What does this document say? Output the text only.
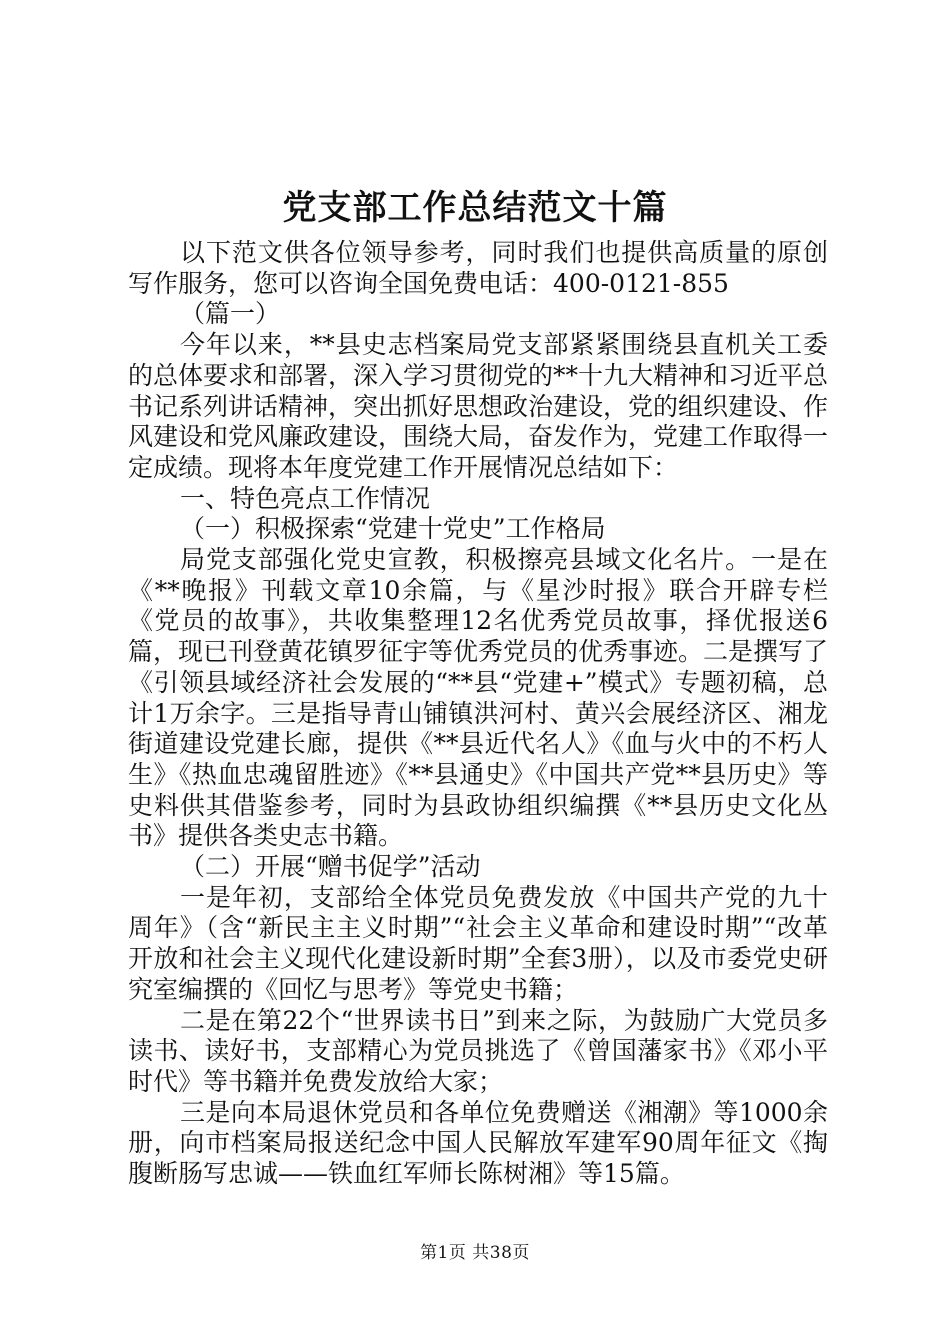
党支部工作总结范文十篇

以下范文供各位领导参考，同时我们也提供高质量的原创写作服务，您可以咨询全国免费电话：400-0121-855

（篇一）

今年以来，**县史志档案局党支部紧紧围绕县直机关工委的总体要求和部署，深入学习贯彻党的**十九大精神和习近平总书记系列讲话精神，突出抓好思想政治建设，党的组织建设、作风建设和党风廉政建设，围绕大局，奋发作为，党建工作取得一定成绩。现将本年度党建工作开展情况总结如下：

一、特色亮点工作情况

（一）积极探索“党建十党史”工作格局

局党支部强化党史宣教，积极擦亮县域文化名片。一是在《**晚报》刊载文章10余篇，与《星沙时报》联合开辟专栏《党员的故事》，共收集整理12名优秀党员故事，择优报送6篇，现已刊登黄花镇罗征宇等优秀党员的优秀事迹。二是撰写了《引领县域经济社会发展的“**县“党建+”模式》专题初稿，总计1万余字。三是指导青山铺镇洪河村、黄兴会展经济区、湘龙街道建设党建长廊，提供《**县近代名人》《血与火中的不朽人生》《热血忠魂留胜迹》《**县通史》《中国共产党**县历史》等史料供其借鉴参考，同时为县政协组织编撰《**县历史文化丛书》提供各类史志书籍。

（二）开展“赠书促学”活动

一是年初，支部给全体党员免费发放《中国共产党的九十周年》（含“新民主主义时期”“社会主义革命和建设时期”“改革开放和社会主义现代化建设新时期”全套3册），以及市委党史研究室编撰的《回忆与思考》等党史书籍；

二是在第22个“世界读书日”到来之际，为鼓励广大党员多读书、读好书，支部精心为党员挑选了《曾国藩家书》《邓小平时代》等书籍并免费发放给大家；

三是向本局退休党员和各单位免费赠送《湘潮》等1000余册，向市档案局报送纪念中国人民解放军建军90周年征文《掏腹断肠写忠诚——铁血红军师长陈树湘》等15篇。

第1页 共38页
